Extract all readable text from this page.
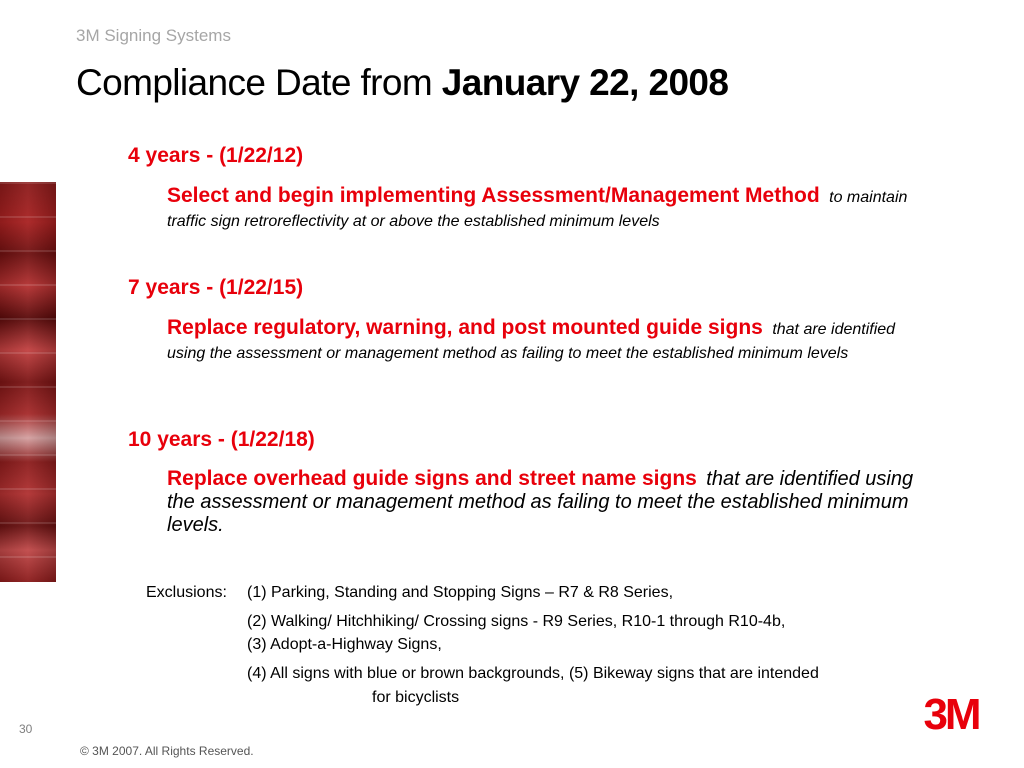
3M Signing Systems
Compliance Date from January 22, 2008
4 years - (1/22/12)
Select and begin implementing Assessment/Management Method to maintain traffic sign retroreflectivity at or above the established minimum levels
7 years - (1/22/15)
Replace regulatory, warning, and post mounted guide signs that are identified using the assessment or management method as failing to meet the established minimum levels
10 years - (1/22/18)
Replace overhead guide signs and street name signs that are identified using the assessment or management method as failing to meet the established minimum levels.
Exclusions: (1) Parking, Standing and Stopping Signs – R7 & R8 Series,
(2) Walking/ Hitchhiking/ Crossing signs - R9 Series, R10-1 through R10-4b,
(3) Adopt-a-Highway Signs,
(4) All signs with blue or brown backgrounds, (5) Bikeway signs that are intended
for bicyclists
30
© 3M 2007. All Rights Reserved.
3M
